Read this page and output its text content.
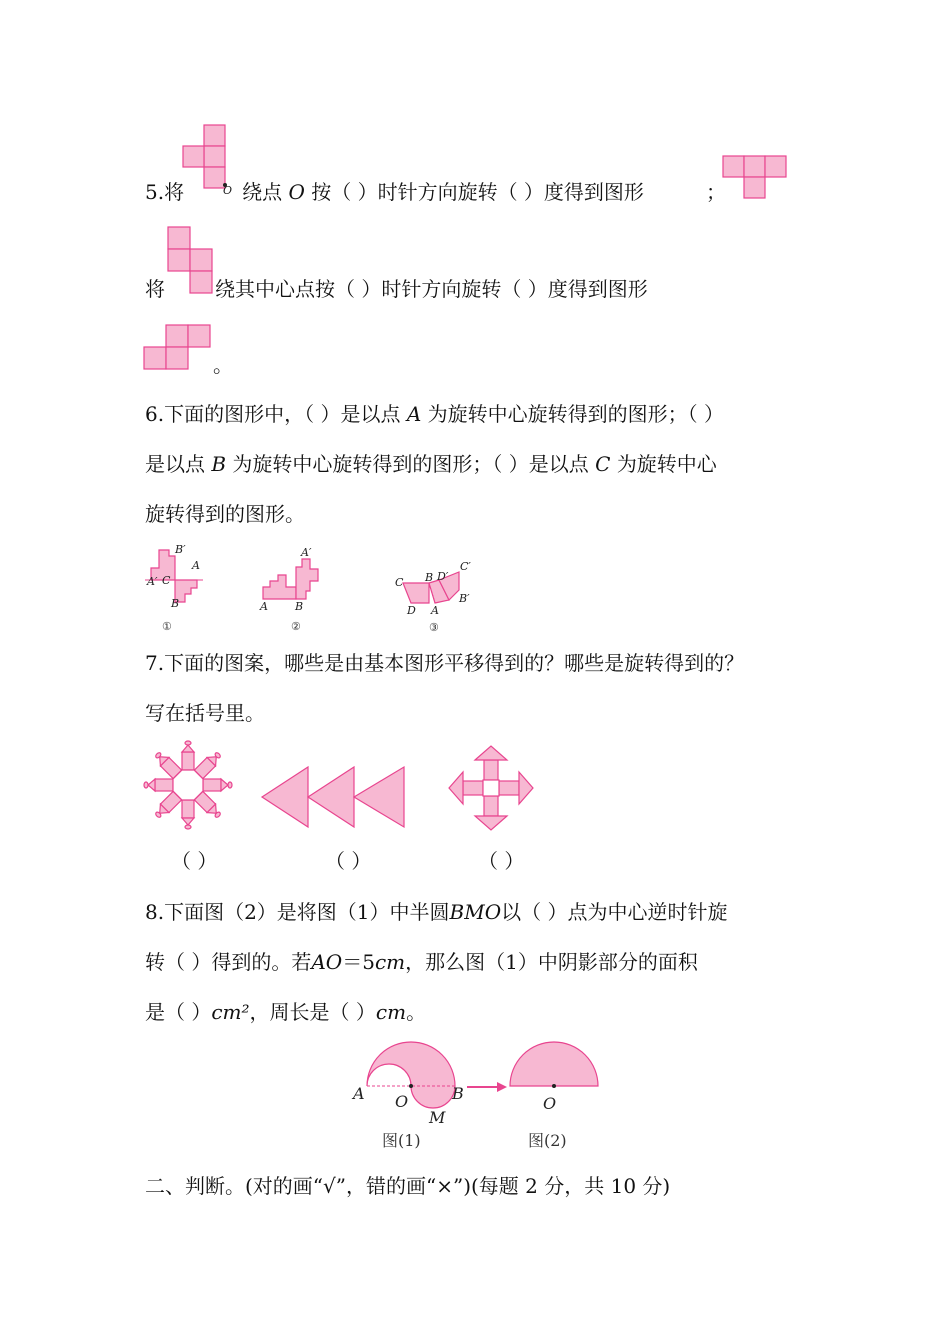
O
5.将	绕点 O 按（ ）时针方向旋转（ ）度得到图形	；
将	绕其中心点按（ ）时针方向旋转（ ）度得到图形
。
6.下面的图形中，（ ）是以点 A 为旋转中心旋转得到的图形；（ ）
是以点 B 为旋转中心旋转得到的图形；（ ）是以点 C 为旋转中心
旋转得到的图形。
B′
A′ C
A
B
①
A′
A B
②
C B D′
C′
D A
B′
③
7.下面的图案，哪些是由基本图形平移得到的？哪些是旋转得到的？
写在括号里。
（ ）	（ ）	（ ）
8.下面图（2）是将图（1）中半圆BMO以（ ）点为中心逆时针旋
转（ ）得到的。若AO＝5cm，那么图（1）中阴影部分的面积
是（ ）cm²，周长是（ ）cm。
A O	B
M
图(1)
O
图(2)
二、判断。(对的画“√”，错的画“×”)(每题 2 分，共 10 分)
